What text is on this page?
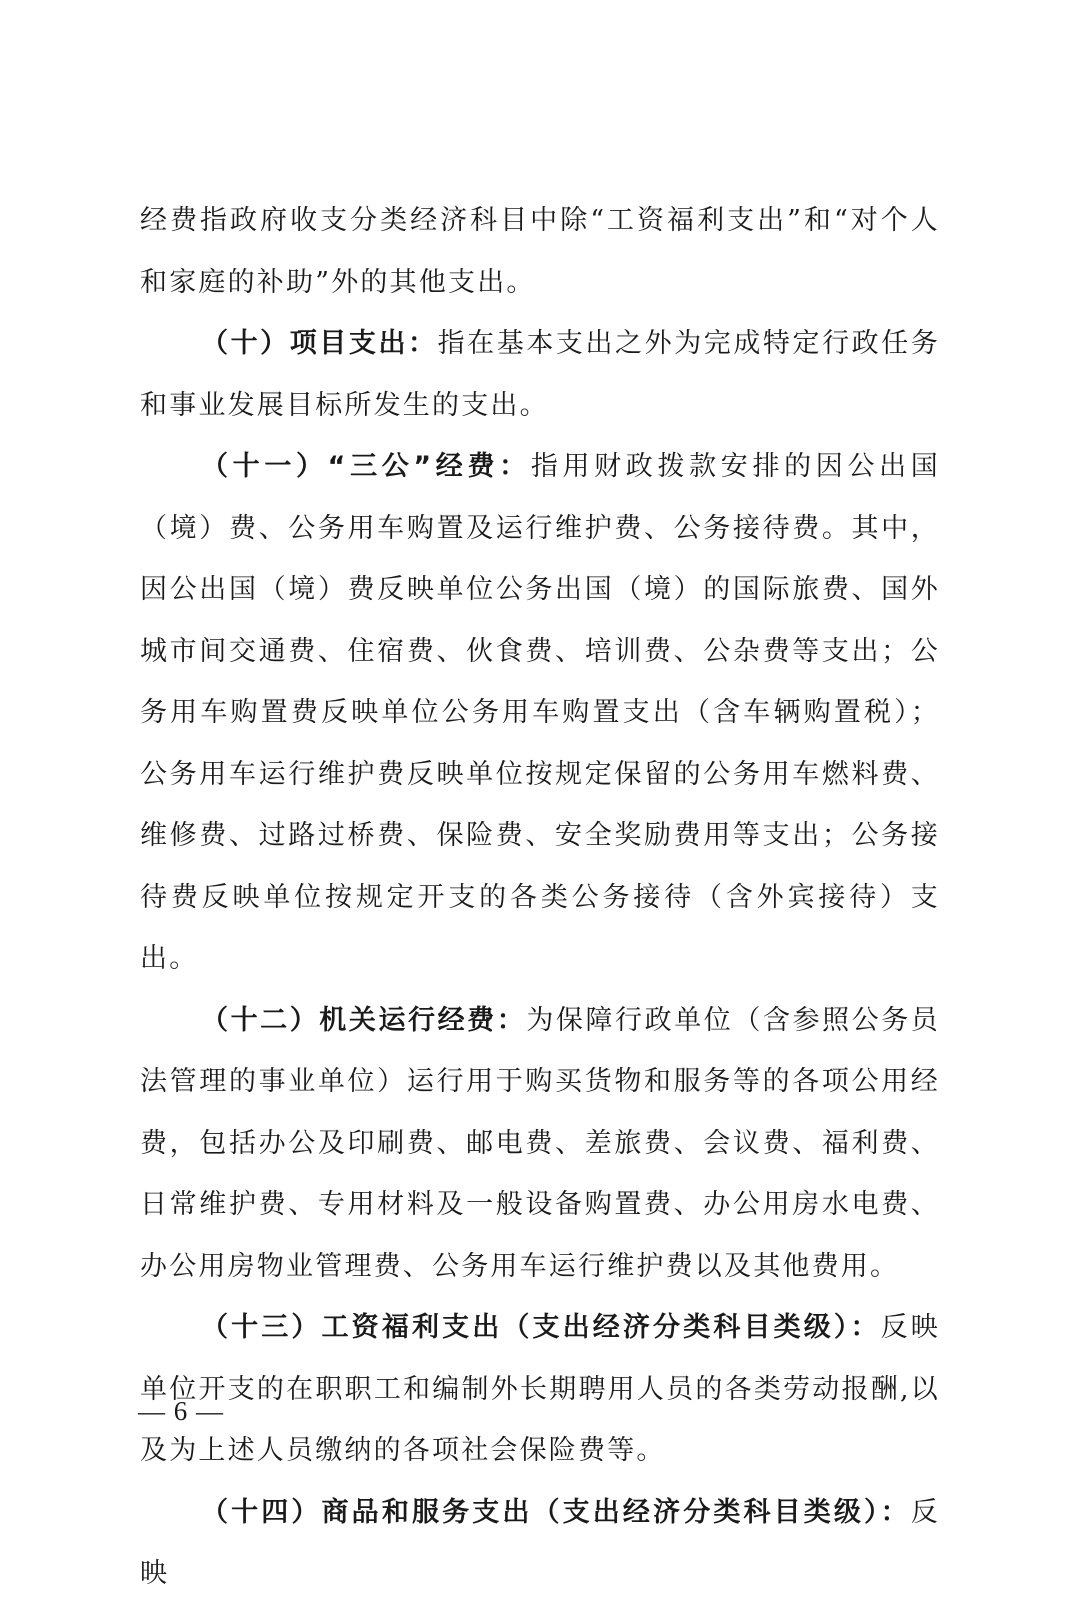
经费指政府收支分类经济科目中除“工资福利支出”和“对个人和家庭的补助”外的其他支出。

（十）项目支出：指在基本支出之外为完成特定行政任务和事业发展目标所发生的支出。

（十一）“三公”经费：指用财政拨款安排的因公出国（境）费、公务用车购置及运行维护费、公务接待费。其中，因公出国（境）费反映单位公务出国（境）的国际旅费、国外城市间交通费、住宿费、伙食费、培训费、公杂费等支出；公务用车购置费反映单位公务用车购置支出（含车辆购置税）；公务用车运行维护费反映单位按规定保留的公务用车燃料费、维修费、过路过桥费、保险费、安全奖励费用等支出；公务接待费反映单位按规定开支的各类公务接待（含外宾接待）支出。

（十二）机关运行经费：为保障行政单位（含参照公务员法管理的事业单位）运行用于购买货物和服务等的各项公用经费，包括办公及印刷费、邮电费、差旅费、会议费、福利费、日常维护费、专用材料及一般设备购置费、办公用房水电费、办公用房物业管理费、公务用车运行维护费以及其他费用。

（十三）工资福利支出（支出经济分类科目类级）：反映单位开支的在职职工和编制外长期聘用人员的各类劳动报酬,以及为上述人员缴纳的各项社会保险费等。

（十四）商品和服务支出（支出经济分类科目类级）：反映

— 6 —
